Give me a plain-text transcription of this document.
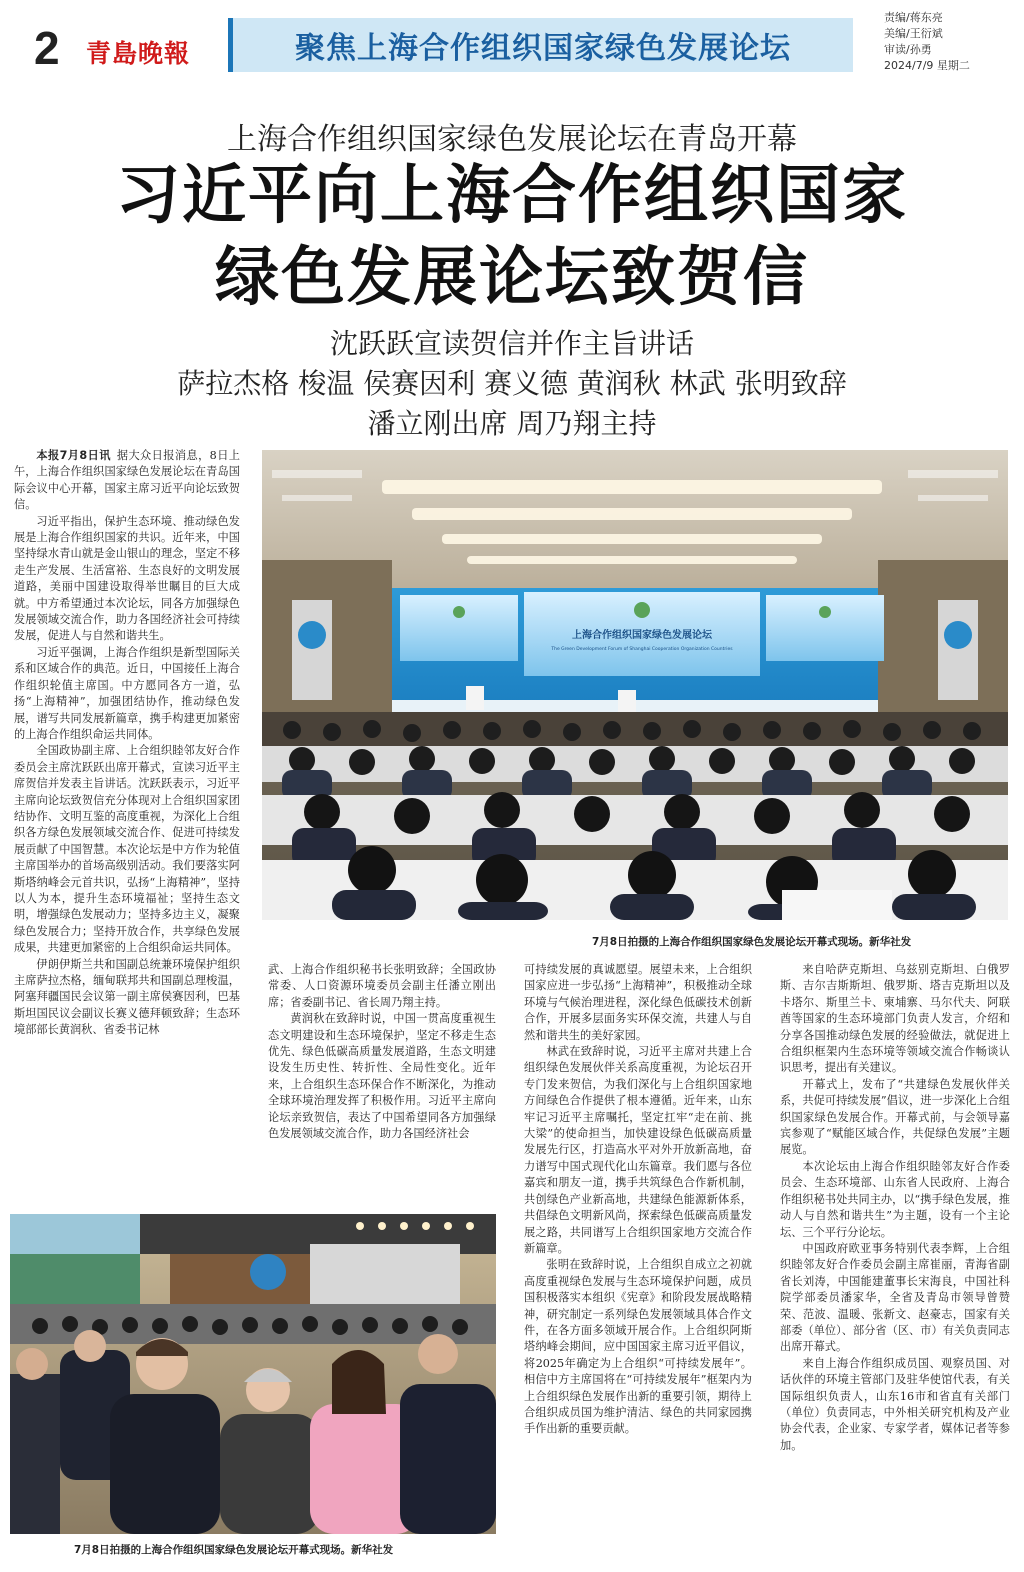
2 青島晚報	聚焦上海合作组织国家绿色发展论坛
责编/蒋东亮
美编/王衍斌
审读/孙勇
2024/7/9 星期二
上海合作组织国家绿色发展论坛在青岛开幕
习近平向上海合作组织国家
绿色发展论坛致贺信
沈跃跃宣读贺信并作主旨讲话
萨拉杰格 梭温 侯赛因利 赛义德 黄润秋 林武 张明致辞
潘立刚出席 周乃翔主持
上海合作组织国家绿色发展论坛
The Green Development Forum of Shanghai Cooperation Organization Countries
7月8日拍摄的上海合作组织国家绿色发展论坛开幕式现场。新华社发
7月8日拍摄的上海合作组织国家绿色发展论坛开幕式现场。新华社发

本报7月8日讯  据大众日报消息，8日上午，上海合作组织国家绿色发展论坛在青岛国际会议中心开幕，国家主席习近平向论坛致贺信。

习近平指出，保护生态环境、推动绿色发展是上海合作组织国家的共识。近年来，中国坚持绿水青山就是金山银山的理念，坚定不移走生产发展、生活富裕、生态良好的文明发展道路，美丽中国建设取得举世瞩目的巨大成就。中方希望通过本次论坛，同各方加强绿色发展领域交流合作，助力各国经济社会可持续发展，促进人与自然和谐共生。

习近平强调，上海合作组织是新型国际关系和区域合作的典范。近日，中国接任上海合作组织轮值主席国。中方愿同各方一道，弘扬“上海精神”，加强团结协作，推动绿色发展，谱写共同发展新篇章，携手构建更加紧密的上海合作组织命运共同体。

全国政协副主席、上合组织睦邻友好合作委员会主席沈跃跃出席开幕式，宣读习近平主席贺信并发表主旨讲话。沈跃跃表示，习近平主席向论坛致贺信充分体现对上合组织国家团结协作、文明互鉴的高度重视，为深化上合组织各方绿色发展领域交流合作、促进可持续发展贡献了中国智慧。本次论坛是中方作为轮值主席国举办的首场高级别活动。我们要落实阿斯塔纳峰会元首共识，弘扬“上海精神”，坚持以人为本，提升生态环境福祉；坚持生态文明，增强绿色发展动力；坚持多边主义，凝聚绿色发展合力；坚持开放合作，共享绿色发展成果，共建更加紧密的上合组织命运共同体。

伊朗伊斯兰共和国副总统兼环境保护组织主席萨拉杰格，缅甸联邦共和国副总理梭温，阿塞拜疆国民会议第一副主席侯赛因利，巴基斯坦国民议会副议长赛义德拜顿致辞；生态环境部部长黄润秋、省委书记林

武、上海合作组织秘书长张明致辞；全国政协常委、人口资源环境委员会副主任潘立刚出席；省委副书记、省长周乃翔主持。

黄润秋在致辞时说，中国一贯高度重视生态文明建设和生态环境保护，坚定不移走生态优先、绿色低碳高质量发展道路，生态文明建设发生历史性、转折性、全局性变化。近年来，上合组织生态环保合作不断深化，为推动全球环境治理发挥了积极作用。习近平主席向论坛亲致贺信，表达了中国希望同各方加强绿色发展领域交流合作，助力各国经济社会

可持续发展的真诚愿望。展望未来，上合组织国家应进一步弘扬“上海精神”，积极推动全球环境与气候治理进程，深化绿色低碳技术创新合作，开展多层面务实环保交流，共建人与自然和谐共生的美好家园。

林武在致辞时说，习近平主席对共建上合组织绿色发展伙伴关系高度重视，为论坛召开专门发来贺信，为我们深化与上合组织国家地方间绿色合作提供了根本遵循。近年来，山东牢记习近平主席嘱托，坚定扛牢“走在前、挑大梁”的使命担当，加快建设绿色低碳高质量发展先行区，打造高水平对外开放新高地，奋力谱写中国式现代化山东篇章。我们愿与各位嘉宾和朋友一道，携手共筑绿色合作新机制，共创绿色产业新高地，共建绿色能源新体系，共倡绿色文明新风尚，探索绿色低碳高质量发展之路，共同谱写上合组织国家地方交流合作新篇章。

张明在致辞时说，上合组织自成立之初就高度重视绿色发展与生态环境保护问题，成员国积极落实本组织《宪章》和阶段发展战略精神，研究制定一系列绿色发展领域具体合作文件，在各方面多领域开展合作。上合组织阿斯塔纳峰会期间，应中国国家主席习近平倡议，将2025年确定为上合组织“可持续发展年”。相信中方主席国将在“可持续发展年”框架内为上合组织绿色发展作出新的重要引领，期待上合组织成员国为维护清洁、绿色的共同家园携手作出新的重要贡献。

来自哈萨克斯坦、乌兹别克斯坦、白俄罗斯、吉尔吉斯斯坦、俄罗斯、塔吉克斯坦以及卡塔尔、斯里兰卡、柬埔寨、马尔代夫、阿联酋等国家的生态环境部门负责人发言，介绍和分享各国推动绿色发展的经验做法，就促进上合组织框架内生态环境等领域交流合作畅谈认识思考，提出有关建议。

开幕式上，发布了“共建绿色发展伙伴关系，共促可持续发展”倡议，进一步深化上合组织国家绿色发展合作。开幕式前，与会领导嘉宾参观了“赋能区域合作，共促绿色发展”主题展览。

本次论坛由上海合作组织睦邻友好合作委员会、生态环境部、山东省人民政府、上海合作组织秘书处共同主办，以“携手绿色发展，推动人与自然和谐共生”为主题，设有一个主论坛、三个平行分论坛。

中国政府欧亚事务特别代表李辉，上合组织睦邻友好合作委员会副主席崔丽，青海省副省长刘涛，中国能建董事长宋海良，中国社科院学部委员潘家华，全省及青岛市领导曾赞荣、范波、温暖、张新文、赵豪志，国家有关部委（单位）、部分省（区、市）有关负责同志出席开幕式。

来自上海合作组织成员国、观察员国、对话伙伴的环境主管部门及驻华使馆代表，有关国际组织负责人，山东16市和省直有关部门（单位）负责同志，中外相关研究机构及产业协会代表，企业家、专家学者，媒体记者等参加。
